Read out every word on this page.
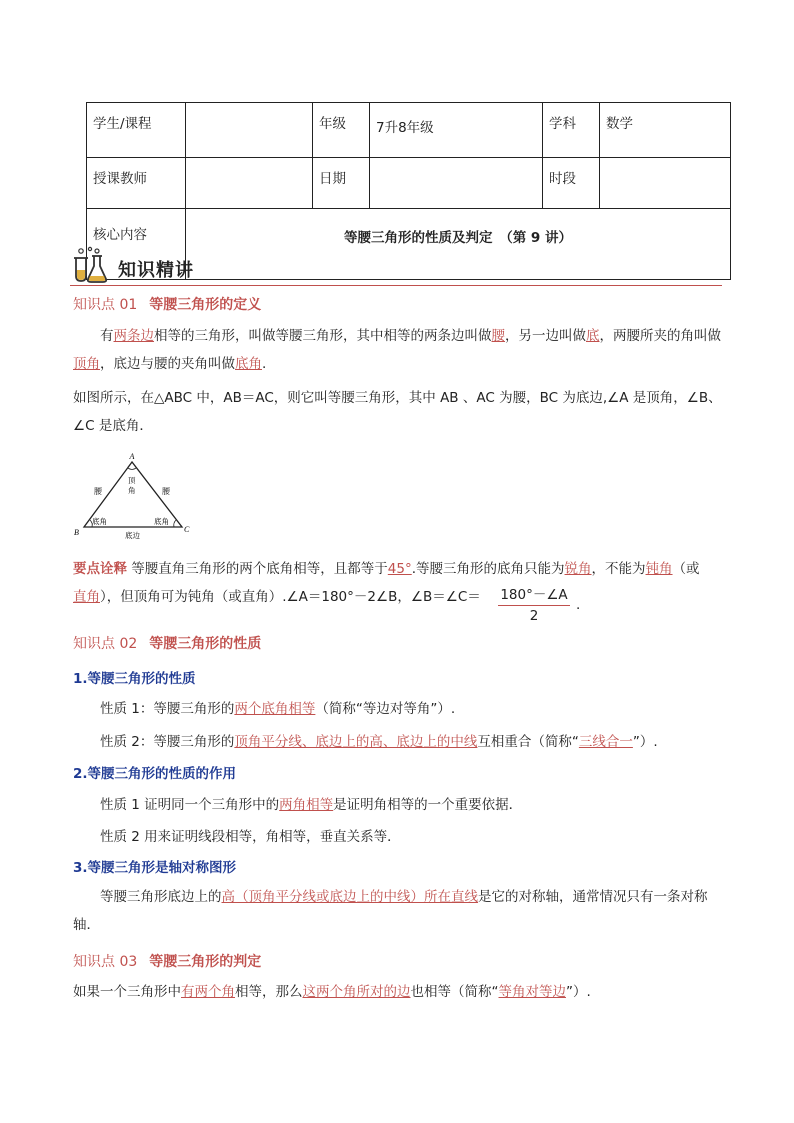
学生/课程		年级	7升8年级	学科	数学
授课教师		日期		时段	
核心内容	等腰三角形的性质及判定　（第 9 讲）				
知识精讲
知识点 01 等腰三角形的定义
有两条边相等的三角形，叫做等腰三角形，其中相等的两条边叫做腰，另一边叫做底，两腰所夹的角叫做顶角，底边与腰的夹角叫做底角.
如图所示，在△ABC 中，AB＝AC，则它叫等腰三角形，其中 AB 、AC 为腰，BC 为底边,∠A 是顶角，∠B、∠C 是底角．
A
B	C
腰	腰
顶
角
底角	底角
底边
要点诠释 等腰直角三角形的两个底角相等，且都等于45°.等腰三角形的底角只能为锐角，不能为钝角（或
直角），但顶角可为钝角（或直角）.∠A＝180°－2∠B，∠B＝∠C＝	180°－∠A
2
.
知识点 02 等腰三角形的性质
1.等腰三角形的性质
性质 1：等腰三角形的两个底角相等（简称“等边对等角”）.
性质 2：等腰三角形的顶角平分线、底边上的高、底边上的中线互相重合（简称“三线合一”）.
2.等腰三角形的性质的作用
性质 1 证明同一个三角形中的两角相等是证明角相等的一个重要依据．
性质 2 用来证明线段相等，角相等，垂直关系等．
3.等腰三角形是轴对称图形
等腰三角形底边上的高（顶角平分线或底边上的中线）所在直线是它的对称轴，通常情况只有一条对称轴．
知识点 03 等腰三角形的判定
如果一个三角形中有两个角相等，那么这两个角所对的边也相等（简称“等角对等边”）.
